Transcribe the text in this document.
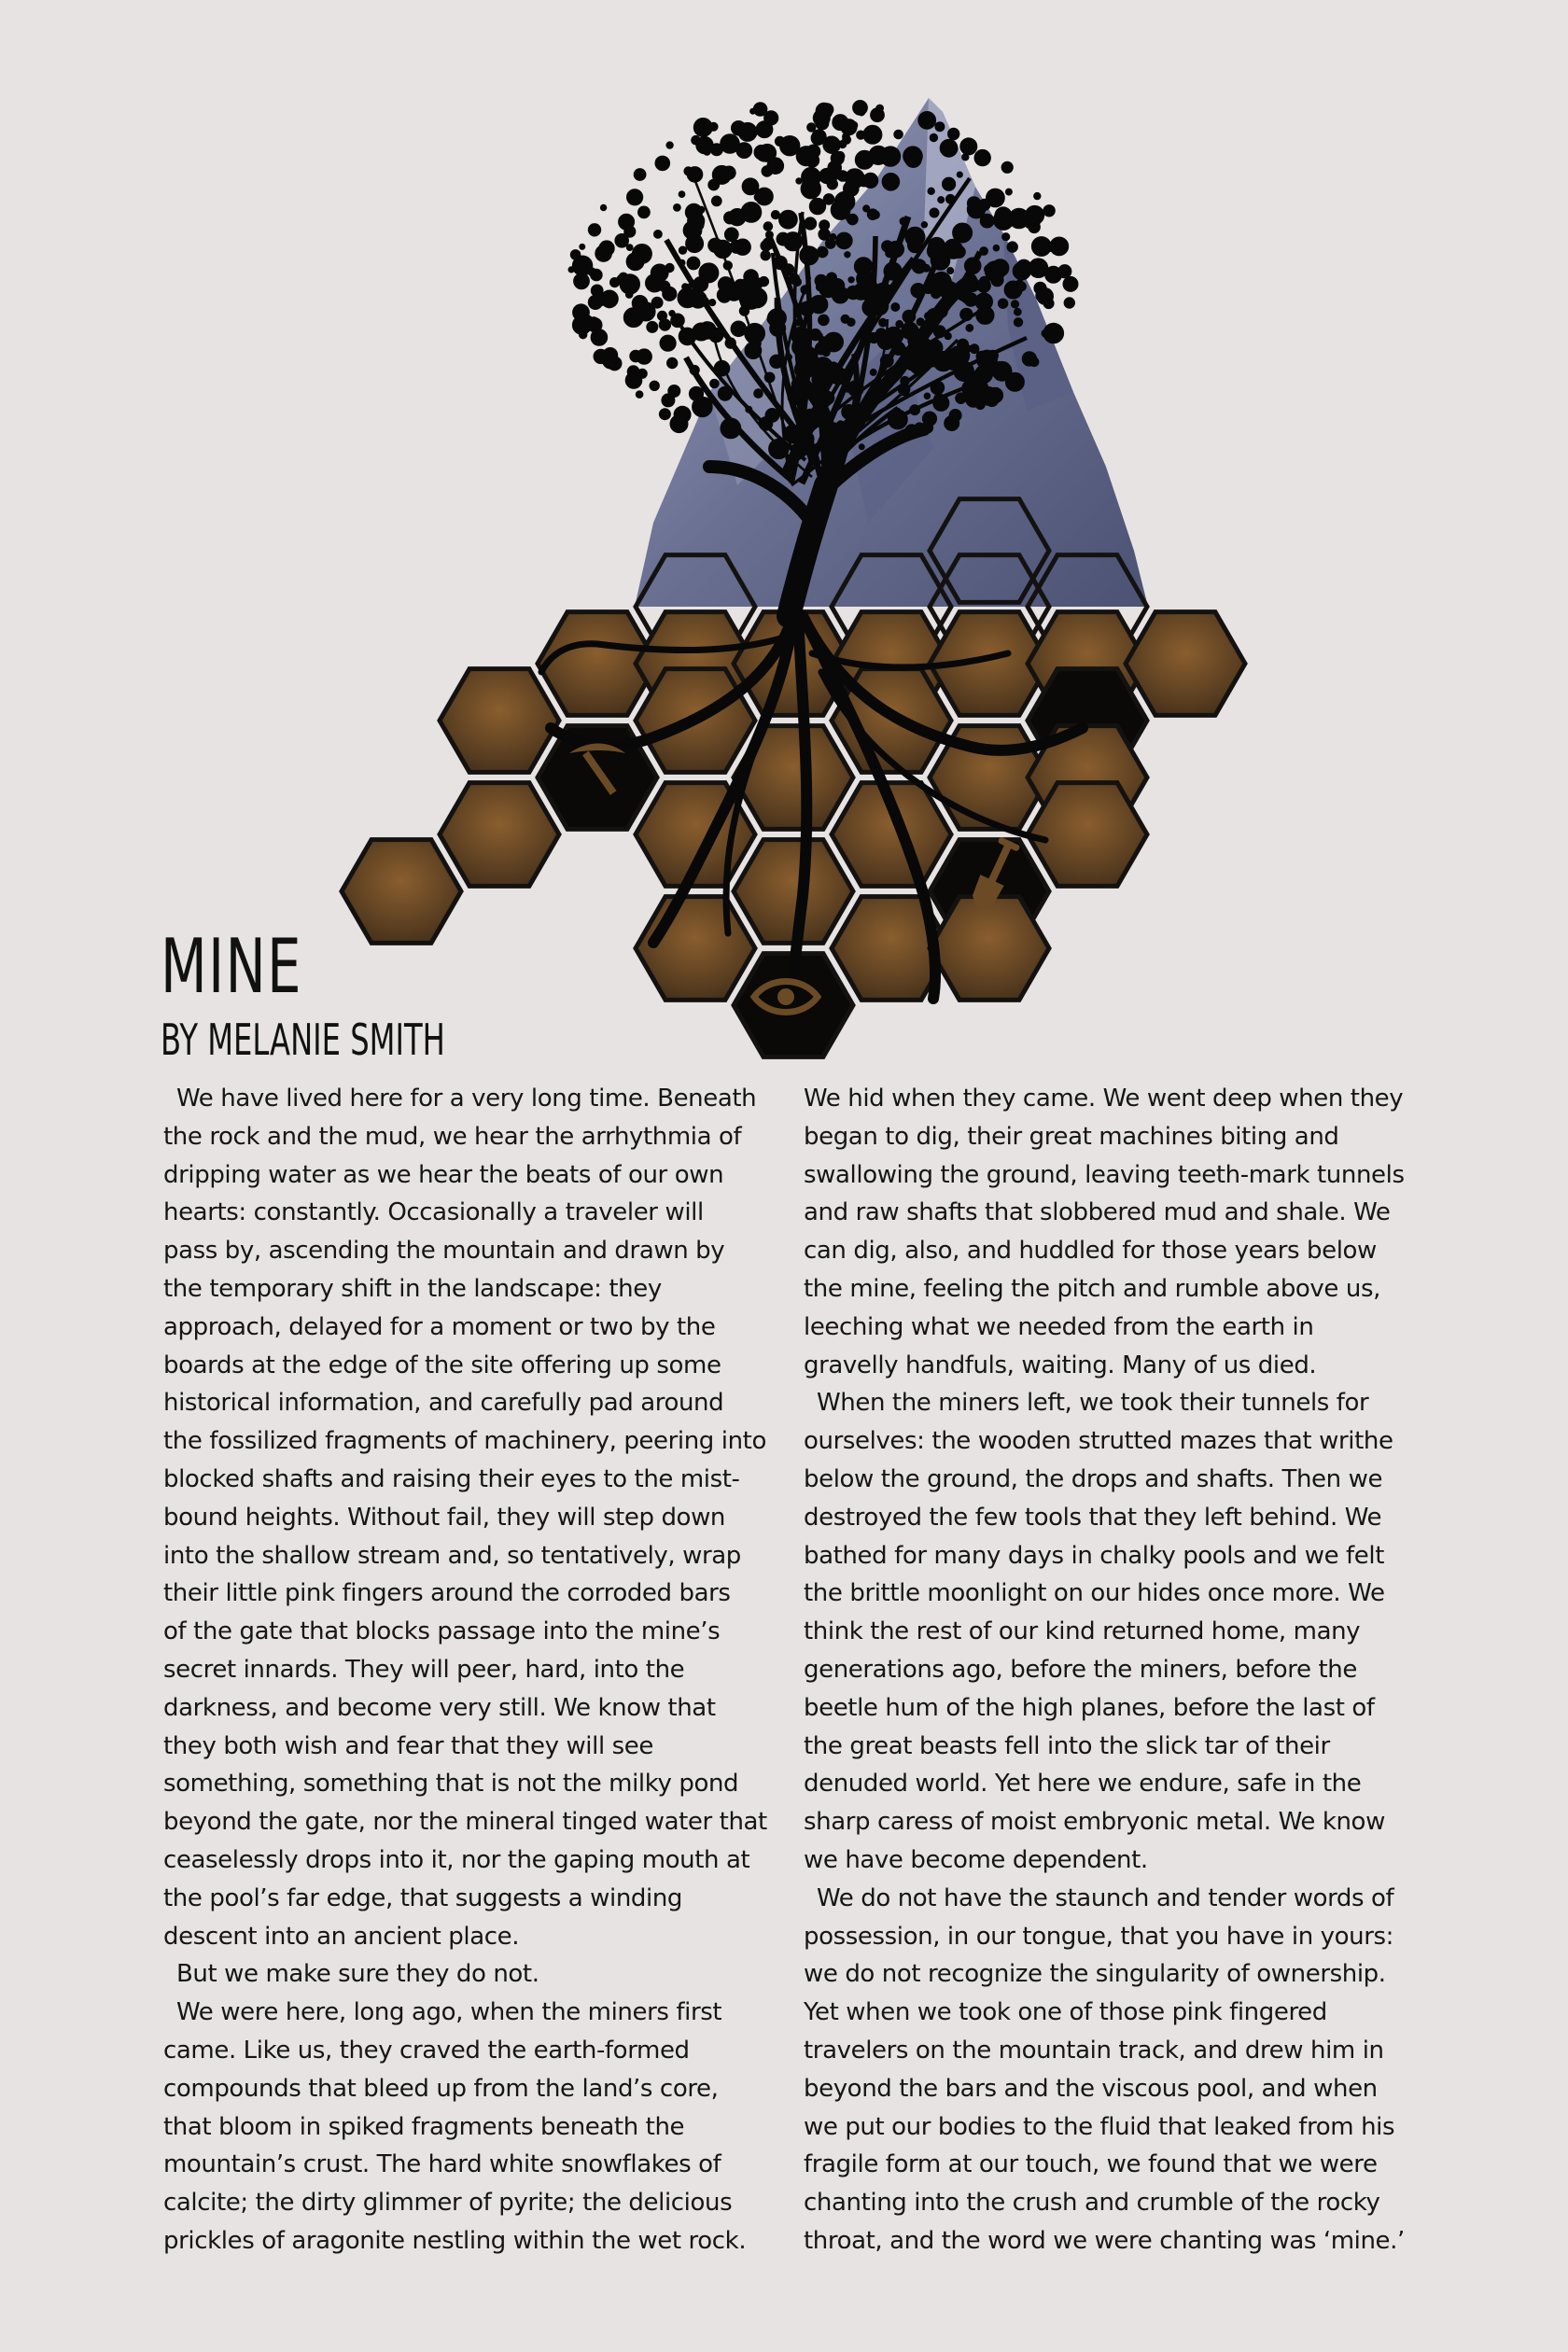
MINE
BY MELANIE SMITH
We have lived here for a very long time. Beneath
the rock and the mud, we hear the arrhythmia of
dripping water as we hear the beats of our own
hearts: constantly. Occasionally a traveler will
pass by, ascending the mountain and drawn by
the temporary shift in the landscape: they
approach, delayed for a moment or two by the
boards at the edge of the site offering up some
historical information, and carefully pad around
the fossilized fragments of machinery, peering into
blocked shafts and raising their eyes to the mist-
bound heights. Without fail, they will step down
into the shallow stream and, so tentatively, wrap
their little pink fingers around the corroded bars
of the gate that blocks passage into the mine’s
secret innards. They will peer, hard, into the
darkness, and become very still. We know that
they both wish and fear that they will see
something, something that is not the milky pond
beyond the gate, nor the mineral tinged water that
ceaselessly drops into it, nor the gaping mouth at
the pool’s far edge, that suggests a winding
descent into an ancient place.
But we make sure they do not.
We were here, long ago, when the miners first
came. Like us, they craved the earth-formed
compounds that bleed up from the land’s core,
that bloom in spiked fragments beneath the
mountain’s crust. The hard white snowflakes of
calcite; the dirty glimmer of pyrite; the delicious
prickles of aragonite nestling within the wet rock.
We hid when they came. We went deep when they
began to dig, their great machines biting and
swallowing the ground, leaving teeth-mark tunnels
and raw shafts that slobbered mud and shale. We
can dig, also, and huddled for those years below
the mine, feeling the pitch and rumble above us,
leeching what we needed from the earth in
gravelly handfuls, waiting. Many of us died.
When the miners left, we took their tunnels for
ourselves: the wooden strutted mazes that writhe
below the ground, the drops and shafts. Then we
destroyed the few tools that they left behind. We
bathed for many days in chalky pools and we felt
the brittle moonlight on our hides once more. We
think the rest of our kind returned home, many
generations ago, before the miners, before the
beetle hum of the high planes, before the last of
the great beasts fell into the slick tar of their
denuded world. Yet here we endure, safe in the
sharp caress of moist embryonic metal. We know
we have become dependent.
We do not have the staunch and tender words of
possession, in our tongue, that you have in yours:
we do not recognize the singularity of ownership.
Yet when we took one of those pink fingered
travelers on the mountain track, and drew him in
beyond the bars and the viscous pool, and when
we put our bodies to the fluid that leaked from his
fragile form at our touch, we found that we were
chanting into the crush and crumble of the rocky
throat, and the word we were chanting was ‘mine.’
